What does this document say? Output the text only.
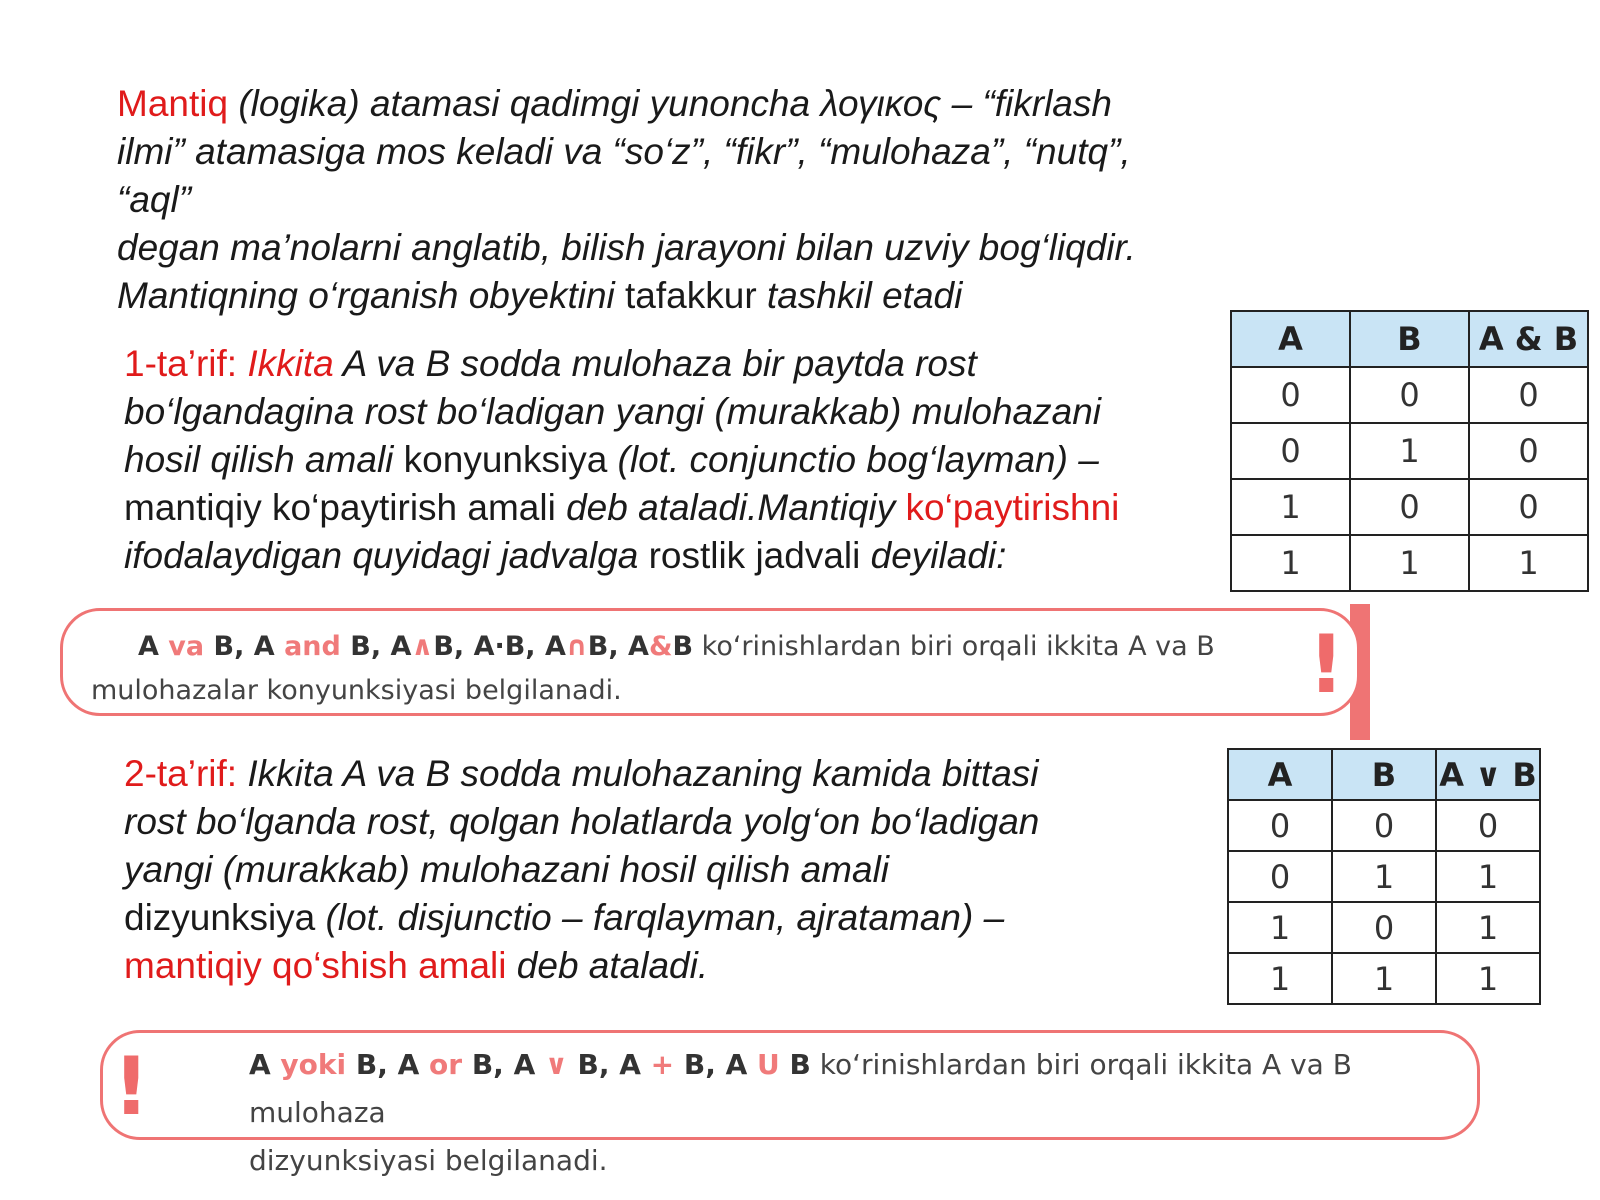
Mantiq (logika) atamasi qadimgi yunoncha λογικος – “fikrlash

ilmi” atamasiga mos keladi va “so‘z”, “fikr”, “mulohaza”, “nutq”,

“aql”

degan ma’nolarni anglatib, bilish jarayoni bilan uzviy bog‘liqdir.

Mantiqning o‘rganish obyektini tafakkur tashkil etadi

1-ta’rif: Ikkita A va B sodda mulohaza bir paytda rost

bo‘lgandagina rost bo‘ladigan yangi (murakkab) mulohazani

hosil qilish amali konyunksiya (lot. conjunctio bog‘layman) –

mantiqiy ko‘paytirish amali deb ataladi.Mantiqiy ko‘paytirishni

ifodalaydigan quyidagi jadvalga rostlik jadvali deyiladi:

A	B	A & B
0	0	0
0	1	0
1	0	0
1	1	1
A va B, A and B, A∧B, A·B, A∩B, A&B ko‘rinishlardan biri orqali ikkita A va B
mulohazalar konyunksiyasi belgilanadi.	!

2-ta’rif: Ikkita A va B sodda mulohazaning kamida bittasi

rost bo‘lganda rost, qolgan holatlarda yolg‘on bo‘ladigan

yangi (murakkab) mulohazani hosil qilish amali

dizyunksiya (lot. disjunctio – farqlayman, ajrataman) –

mantiqiy qo‘shish amali deb ataladi.

A	B	A ∨ B
0	0	0
0	1	1
1	0	1
1	1	1
!	A yoki B, A or B, A ∨ B, A + B, A U B ko‘rinishlardan biri orqali ikkita A va B mulohaza
dizyunksiyasi belgilanadi.
